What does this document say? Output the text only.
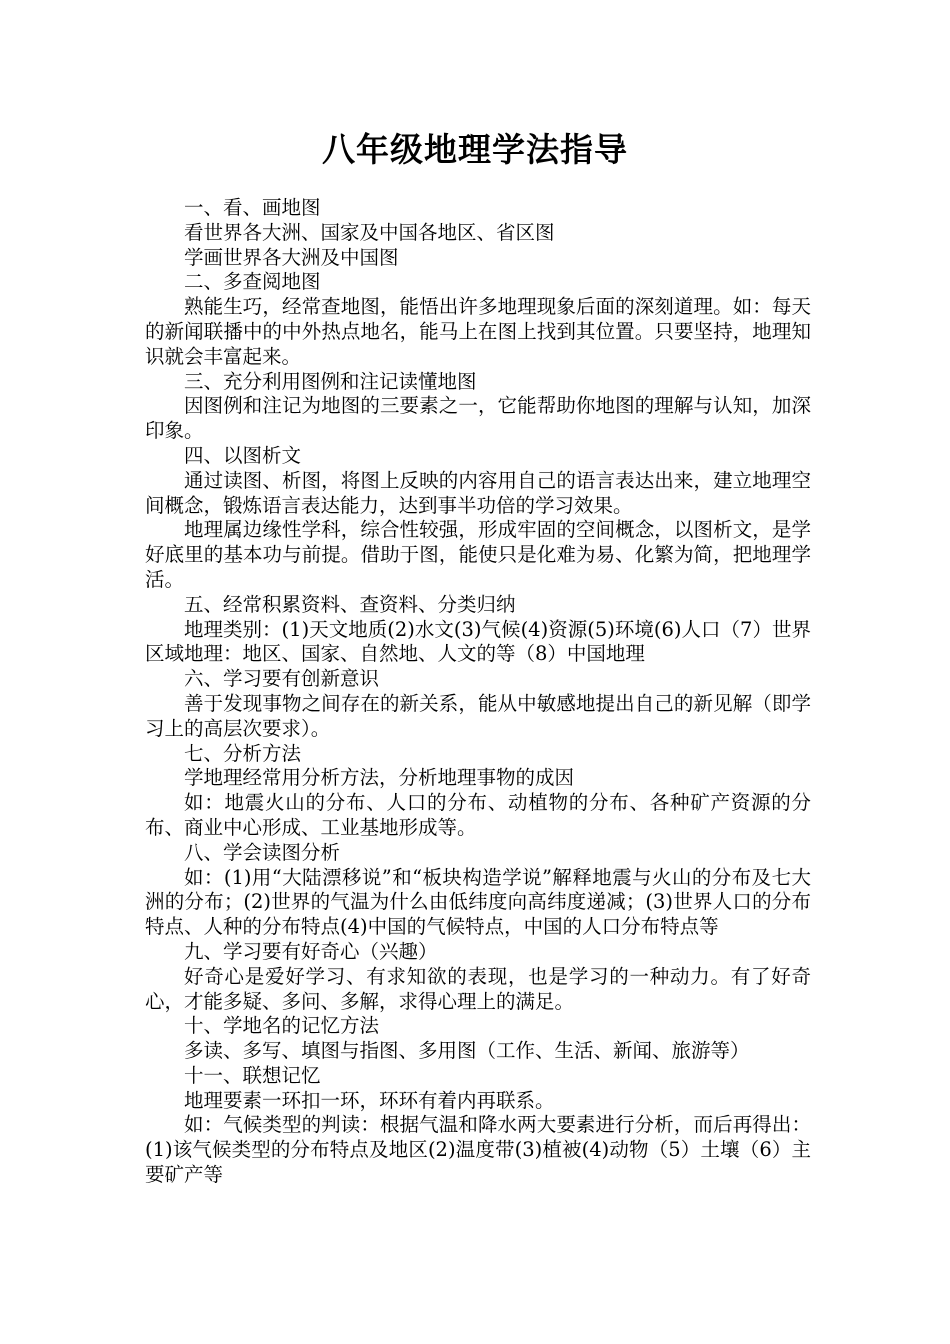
八年级地理学法指导

一、看、画地图

看世界各大洲、国家及中国各地区、省区图

学画世界各大洲及中国图

二、多查阅地图

熟能生巧，经常查地图，能悟出许多地理现象后面的深刻道理。如：每天的新闻联播中的中外热点地名，能马上在图上找到其位置。只要坚持，地理知识就会丰富起来。

三、充分利用图例和注记读懂地图

因图例和注记为地图的三要素之一，它能帮助你地图的理解与认知，加深印象。

四、以图析文

通过读图、析图，将图上反映的内容用自己的语言表达出来，建立地理空间概念，锻炼语言表达能力，达到事半功倍的学习效果。

地理属边缘性学科，综合性较强，形成牢固的空间概念，以图析文，是学好底里的基本功与前提。借助于图，能使只是化难为易、化繁为简，把地理学活。

五、经常积累资料、查资料、分类归纳

地理类别：(1)天文地质(2)水文(3)气候(4)资源(5)环境(6)人口（7）世界区域地理：地区、国家、自然地、人文的等（8）中国地理

六、学习要有创新意识

善于发现事物之间存在的新关系，能从中敏感地提出自己的新见解（即学习上的高层次要求）。

七、分析方法

学地理经常用分析方法，分析地理事物的成因

如：地震火山的分布、人口的分布、动植物的分布、各种矿产资源的分布、商业中心形成、工业基地形成等。

八、学会读图分析

如：(1)用“大陆漂移说”和“板块构造学说”解释地震与火山的分布及七大洲的分布；(2)世界的气温为什么由低纬度向高纬度递减；(3)世界人口的分布特点、人种的分布特点(4)中国的气候特点，中国的人口分布特点等

九、学习要有好奇心（兴趣）

好奇心是爱好学习、有求知欲的表现，也是学习的一种动力。有了好奇心，才能多疑、多问、多解，求得心理上的满足。

十、学地名的记忆方法

多读、多写、填图与指图、多用图（工作、生活、新闻、旅游等）

十一、联想记忆

地理要素一环扣一环，环环有着内再联系。

如：气候类型的判读：根据气温和降水两大要素进行分析，而后再得出：(1)该气候类型的分布特点及地区(2)温度带(3)植被(4)动物（5）土壤（6）主要矿产等
